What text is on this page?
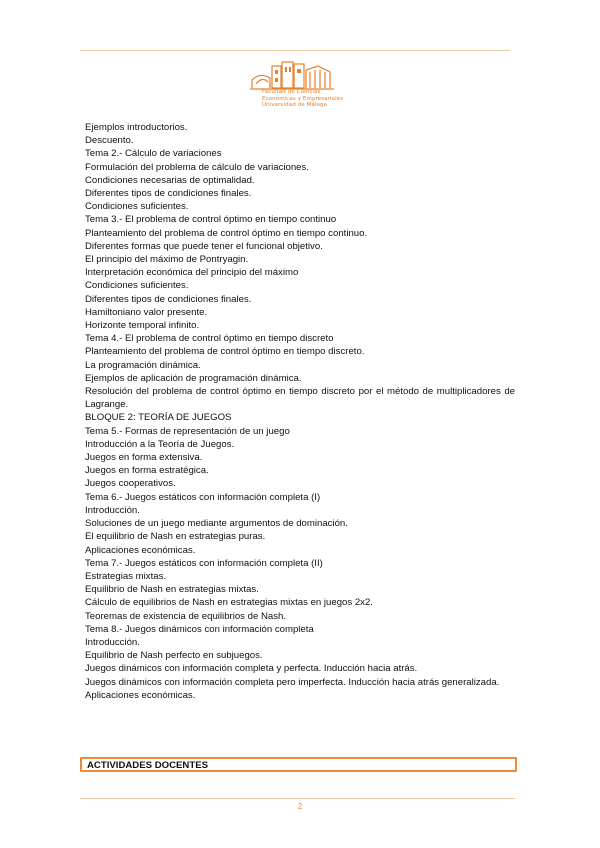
Facultad de Ciencias
Económicas y Empresariales
Universidad de Málaga
Ejemplos introductorios.
Descuento.
Tema 2.- Cálculo de variaciones
Formulación del problema de cálculo de variaciones.
Condiciones necesarias de optimalidad.
Diferentes tipos de condiciones finales.
Condiciones suficientes.
Tema 3.- El problema de control óptimo en tiempo continuo
Planteamiento del problema de control óptimo en tiempo continuo.
Diferentes formas que puede tener el funcional objetivo.
El principio del máximo de Pontryagin.
Interpretación económica del principio del máximo
Condiciones suficientes.
Diferentes tipos de condiciones finales.
Hamiltoniano valor presente.
Horizonte temporal infinito.
Tema 4.- El problema de control óptimo en tiempo discreto
Planteamiento del problema de control óptimo en tiempo discreto.
La programación dinámica.
Ejemplos de aplicación de programación dinámica.
Resolución del problema de control óptimo en tiempo discreto por el método de multiplicadores de Lagrange.
BLOQUE 2: TEORÍA DE JUEGOS
Tema 5.- Formas de representación de un juego
Introducción a la Teoría de Juegos.
Juegos en forma extensiva.
Juegos en forma estratégica.
Juegos cooperativos.
Tema 6.- Juegos estáticos con información completa (I)
Introducción.
Soluciones de un juego mediante argumentos de dominación.
El equilibrio de Nash en estrategias puras.
Aplicaciones económicas.
Tema 7.- Juegos estáticos con información completa (II)
Estrategias mixtas.
Equilibrio de Nash en estrategias mixtas.
Cálculo de equilibrios de Nash en estrategias mixtas en juegos 2x2.
Teoremas de existencia de equilibrios de Nash.
Tema 8.- Juegos dinámicos con información completa
Introducción.
Equilibrio de Nash perfecto en subjuegos.
Juegos dinámicos con información completa y perfecta. Inducción hacia atrás.
Juegos dinámicos con información completa pero imperfecta. Inducción hacia atrás generalizada.
Aplicaciones económicas.
ACTIVIDADES DOCENTES
2
